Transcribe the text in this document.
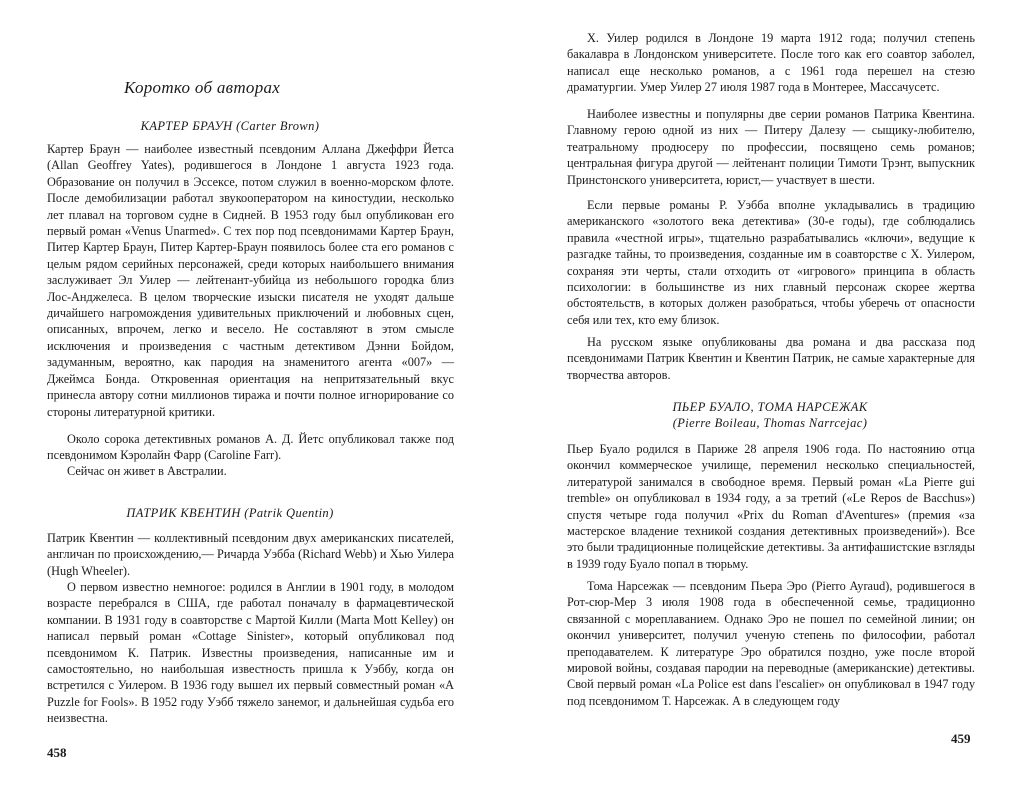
Коротко об авторах
КАРТЕР БРАУН (Carter Brown)

Картер Браун — наиболее известный псевдоним Аллана Джеффри Йетса (Allan Geoffrey Yates), родившегося в Лондоне 1 августа 1923 года. Образование он получил в Эссексе, потом служил в военно-морском флоте. После демобилизации работал звукооператором на киностудии, несколько лет плавал на торговом судне в Сидней. В 1953 году был опубликован его первый роман «Venus Unarmed». С тех пор под псевдонимами Картер Браун, Питер Картер Браун, Питер Картер-Браун появилось более ста его романов с целым рядом серийных персонажей, среди которых наибольшего внимания заслуживает Эл Уилер — лейтенант-убийца из небольшого городка близ Лос-Анджелеса. В целом творческие изыски писателя не уходят дальше дичайшего нагромождения удивительных приключений и любовных сцен, описанных, впрочем, легко и весело. Не составляют в этом смысле исключения и произведения с частным детективом Дэнни Бойдом, задуманным, вероятно, как пародия на знаменитого агента «007» — Джеймса Бонда. Откровенная ориентация на непритязательный вкус принесла автору сотни миллионов тиража и почти полное игнорирование со стороны литературной критики.

Около сорока детективных романов А. Д. Йетс опубликовал также под псевдонимом Кэролайн Фарр (Caroline Farr).

Сейчас он живет в Австралии.

ПАТРИК КВЕНТИН (Patrik Quentin)

Патрик Квентин — коллективный псевдоним двух американских писателей, англичан по происхождению,— Ричарда Уэбба (Richard Webb) и Хью Уилера (Hugh Wheeler).

О первом известно немногое: родился в Англии в 1901 году, в молодом возрасте перебрался в США, где работал поначалу в фармацевтической компании. В 1931 году в соавторстве с Мартой Килли (Marta Mott Kelley) он написал первый роман «Cottage Sinister», который опубликовал под псевдонимом К. Патрик. Известны произведения, написанные им и самостоятельно, но наибольшая известность пришла к Уэббу, когда он встретился с Уилером. В 1936 году вышел их первый совместный роман «A Puzzle for Fools». В 1952 году Уэбб тяжело занемог, и дальнейшая судьба его неизвестна.

458

Х. Уилер родился в Лондоне 19 марта 1912 года; получил степень бакалавра в Лондонском университете. После того как его соавтор заболел, написал еще несколько романов, а с 1961 года перешел на стезю драматургии. Умер Уилер 27 июля 1987 года в Монтерее, Массачусетс.

Наиболее известны и популярны две серии романов Патрика Квентина. Главному герою одной из них — Питеру Далезу — сыщику-любителю, театральному продюсеру по профессии, посвящено семь романов; центральная фигура другой — лейтенант полиции Тимоти Трэнт, выпускник Принстонского университета, юрист,— участвует в шести.

Если первые романы Р. Уэбба вполне укладывались в традицию американского «золотого века детектива» (30-е годы), где соблюдались правила «честной игры», тщательно разрабатывались «ключи», ведущие к разгадке тайны, то произведения, созданные им в соавторстве с Х. Уилером, сохраняя эти черты, стали отходить от «игрового» принципа в область психологии: в большинстве из них главный персонаж скорее жертва обстоятельств, в которых должен разобраться, чтобы уберечь от опасности себя или тех, кто ему близок.

На русском языке опубликованы два романа и два рассказа под псевдонимами Патрик Квентин и Квентин Патрик, не самые характерные для творчества авторов.

ПЬЕР БУАЛО, ТОМА НАРСЕЖАК
(Pierre Boileau, Thomas Narrcejac)

Пьер Буало родился в Париже 28 апреля 1906 года. По настоянию отца окончил коммерческое училище, переменил несколько специальностей, литературой занимался в свободное время. Первый роман «La Pierre gui tremble» он опубликовал в 1934 году, а за третий («Le Repos de Bacchus») спустя четыре года получил «Prix du Roman d'Aventures» (премия «за мастерское владение техникой создания детективных произведений»). Все это были традиционные полицейские детективы. За антифашистские взгляды в 1939 году Буало попал в тюрьму.

Тома Нарсежак — псевдоним Пьера Эро (Pierro Ayraud), родившегося в Рот-сюр-Мер 3 июля 1908 года в обеспеченной семье, традиционно связанной с мореплаванием. Однако Эро не пошел по семейной линии; он окончил университет, получил ученую степень по философии, работал преподавателем. К литературе Эро обратился поздно, уже после второй мировой войны, создавая пародии на переводные (американские) детективы. Свой первый роман «La Police est dans l'escalier» он опубликовал в 1947 году под псевдонимом Т. Нарсежак. А в следующем году

459
